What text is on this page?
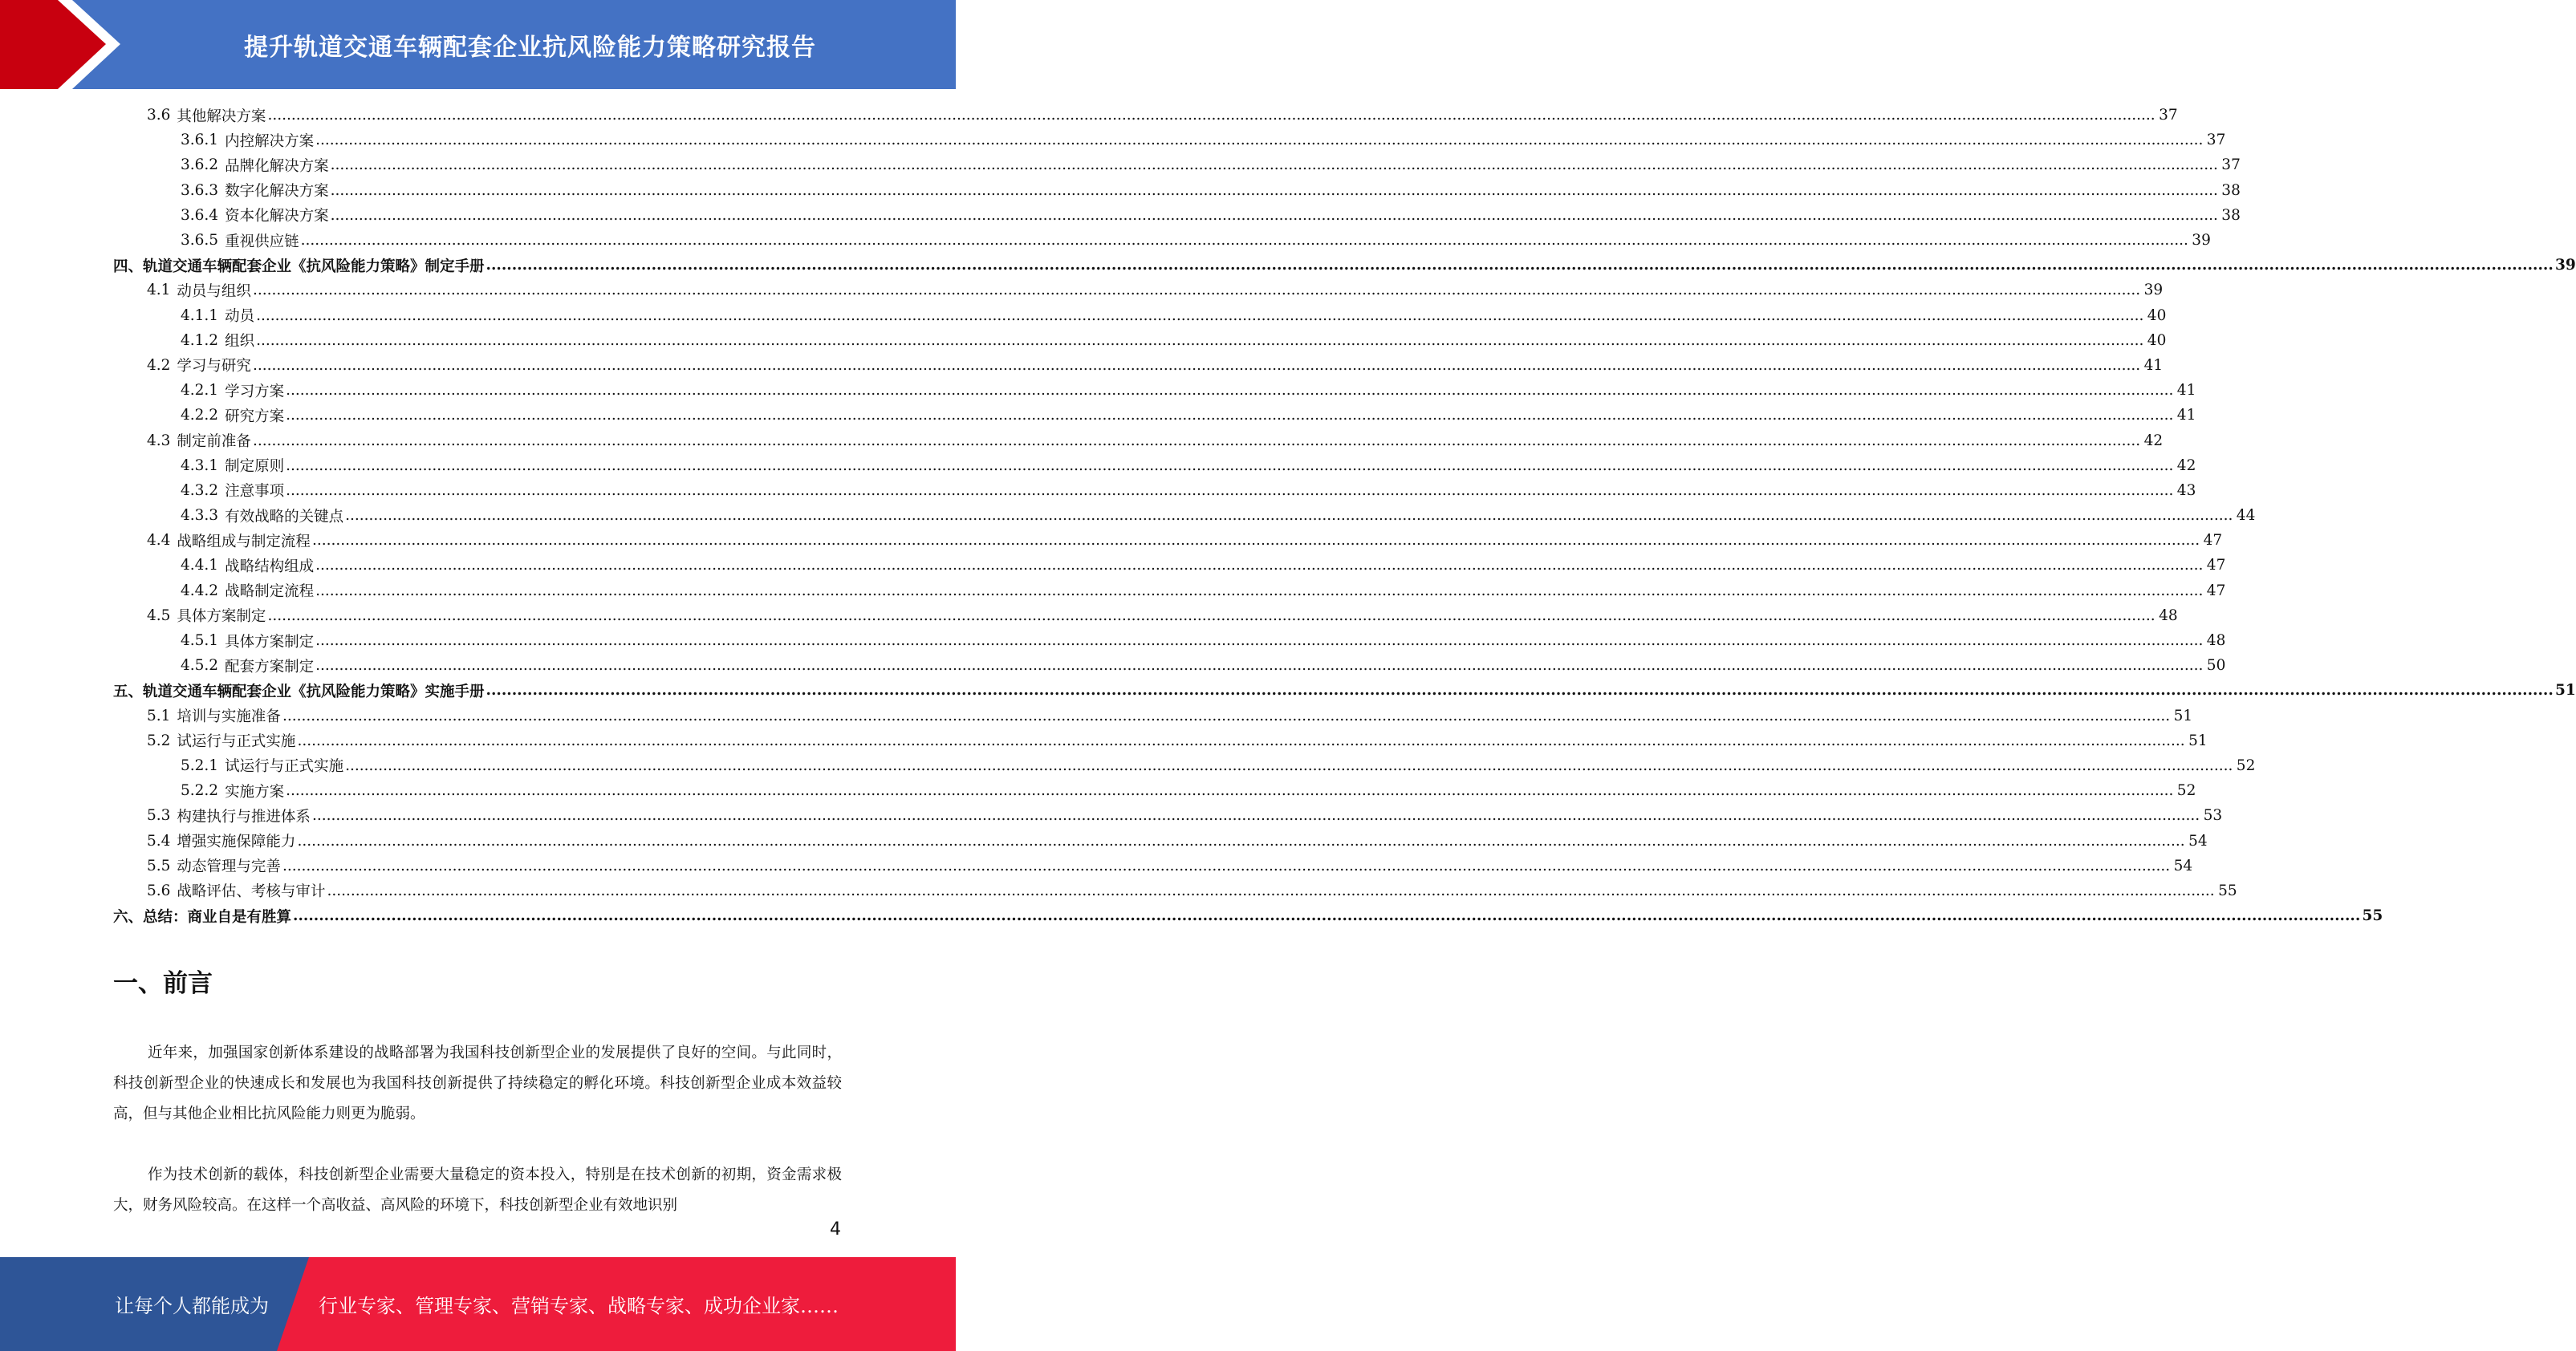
提升轨道交通车辆配套企业抗风险能力策略研究报告
3.6 其他解决方案 ................................................................................................................................................................................................................................................................................................................................................................................................................ 37
3.6.1 内控解决方案 ................................................................................................................................................................................................................................................................................................................................................................................................................ 37
3.6.2 品牌化解决方案 ................................................................................................................................................................................................................................................................................................................................................................................................................ 37
3.6.3 数字化解决方案 ................................................................................................................................................................................................................................................................................................................................................................................................................ 38
3.6.4 资本化解决方案 ................................................................................................................................................................................................................................................................................................................................................................................................................ 38
3.6.5 重视供应链 ................................................................................................................................................................................................................................................................................................................................................................................................................ 39
四、轨道交通车辆配套企业《抗风险能力策略》制定手册 ................................................................................................................................................................................................................................................................................................................................................................................................................ 39
4.1 动员与组织 ................................................................................................................................................................................................................................................................................................................................................................................................................ 39
4.1.1 动员 ................................................................................................................................................................................................................................................................................................................................................................................................................ 40
4.1.2 组织 ................................................................................................................................................................................................................................................................................................................................................................................................................ 40
4.2 学习与研究 ................................................................................................................................................................................................................................................................................................................................................................................................................ 41
4.2.1 学习方案 ................................................................................................................................................................................................................................................................................................................................................................................................................ 41
4.2.2 研究方案 ................................................................................................................................................................................................................................................................................................................................................................................................................ 41
4.3 制定前准备 ................................................................................................................................................................................................................................................................................................................................................................................................................ 42
4.3.1 制定原则 ................................................................................................................................................................................................................................................................................................................................................................................................................ 42
4.3.2 注意事项 ................................................................................................................................................................................................................................................................................................................................................................................................................ 43
4.3.3 有效战略的关键点 ................................................................................................................................................................................................................................................................................................................................................................................................................ 44
4.4 战略组成与制定流程 ................................................................................................................................................................................................................................................................................................................................................................................................................ 47
4.4.1 战略结构组成 ................................................................................................................................................................................................................................................................................................................................................................................................................ 47
4.4.2 战略制定流程 ................................................................................................................................................................................................................................................................................................................................................................................................................ 47
4.5 具体方案制定 ................................................................................................................................................................................................................................................................................................................................................................................................................ 48
4.5.1 具体方案制定 ................................................................................................................................................................................................................................................................................................................................................................................................................ 48
4.5.2 配套方案制定 ................................................................................................................................................................................................................................................................................................................................................................................................................ 50
五、轨道交通车辆配套企业《抗风险能力策略》实施手册 ................................................................................................................................................................................................................................................................................................................................................................................................................ 51
5.1 培训与实施准备 ................................................................................................................................................................................................................................................................................................................................................................................................................ 51
5.2 试运行与正式实施 ................................................................................................................................................................................................................................................................................................................................................................................................................ 51
5.2.1 试运行与正式实施 ................................................................................................................................................................................................................................................................................................................................................................................................................ 52
5.2.2 实施方案 ................................................................................................................................................................................................................................................................................................................................................................................................................ 52
5.3 构建执行与推进体系 ................................................................................................................................................................................................................................................................................................................................................................................................................ 53
5.4 增强实施保障能力 ................................................................................................................................................................................................................................................................................................................................................................................................................ 54
5.5 动态管理与完善 ................................................................................................................................................................................................................................................................................................................................................................................................................ 54
5.6 战略评估、考核与审计 ................................................................................................................................................................................................................................................................................................................................................................................................................ 55
六、总结：商业自是有胜算 ................................................................................................................................................................................................................................................................................................................................................................................................................ 55
一、前言

近年来，加强国家创新体系建设的战略部署为我国科技创新型企业的发展提供了良好的空间。与此同时，科技创新型企业的快速成长和发展也为我国科技创新提供了持续稳定的孵化环境。科技创新型企业成本效益较高，但与其他企业相比抗风险能力则更为脆弱。

作为技术创新的载体，科技创新型企业需要大量稳定的资本投入，特别是在技术创新的初期，资金需求极大，财务风险较高。在这样一个高收益、高风险的环境下，科技创新型企业有效地识别

4
让每个人都能成为	行业专家、管理专家、营销专家、战略专家、成功企业家……
